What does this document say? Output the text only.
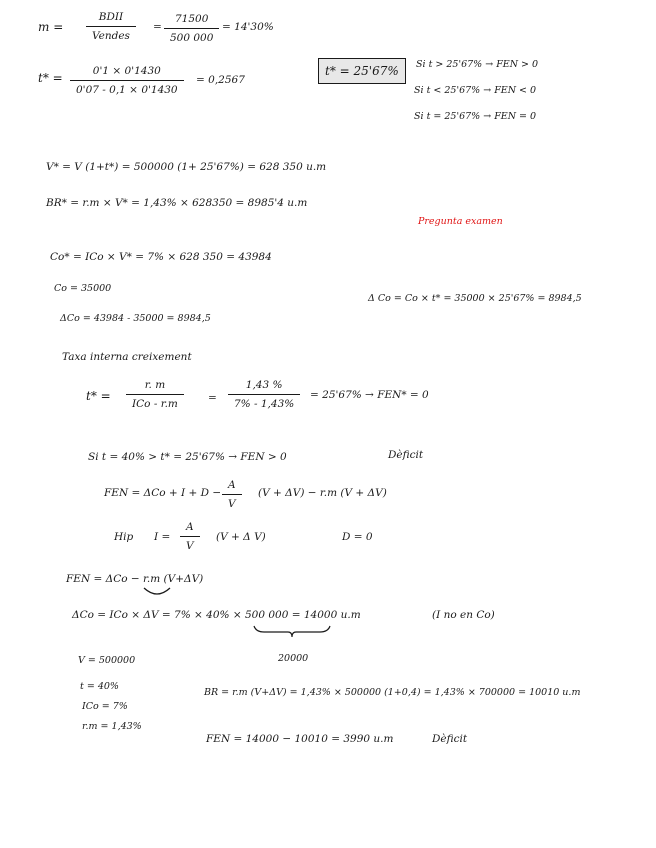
m =
BDII
Vendes
=
71500
500 000
= 14'30%
t* =	0'1 × 0'1430
0'07 - 0,1 × 0'1430
= 0,2567
t* = 25'67%	Si t > 25'67% → FEN > 0
Si t < 25'67% → FEN < 0
Si t = 25'67% → FEN = 0
V* = V (1+t*) = 500000 (1+ 25'67%) = 628 350 u.m
BR* = r.m × V* = 1,43% × 628350 = 8985'4 u.m
Pregunta examen
Co* = ICo × V* = 7% × 628 350 = 43984
Co = 35000
Δ Co = Co × t* = 35000 × 25'67% = 8984,5
ΔCo = 43984 - 35000 = 8984,5
Taxa interna creixement
t* =
r. m
ICo - r.m	=
1,43 %
7% - 1,43%
= 25'67% → FEN* = 0
Si t = 40% > t* = 25'67% → FEN > 0	Dèficit
FEN = ΔCo + I + D −
A
V
(V + ΔV) − r.m (V + ΔV)
Hip I =
A
V
(V + Δ V)	D = 0
FEN = ΔCo − r.m (V+ΔV)
ΔCo = ICo × ΔV = 7% × 40% × 500 000 = 14000 u.m	(I no en Co)
20000
V = 500000
t = 40%
ICo = 7%
r.m = 1,43%
BR = r.m (V+ΔV) = 1,43% × 500000 (1+0,4) = 1,43% × 700000 = 10010 u.m
FEN = 14000 − 10010 = 3990 u.m	Dèficit
